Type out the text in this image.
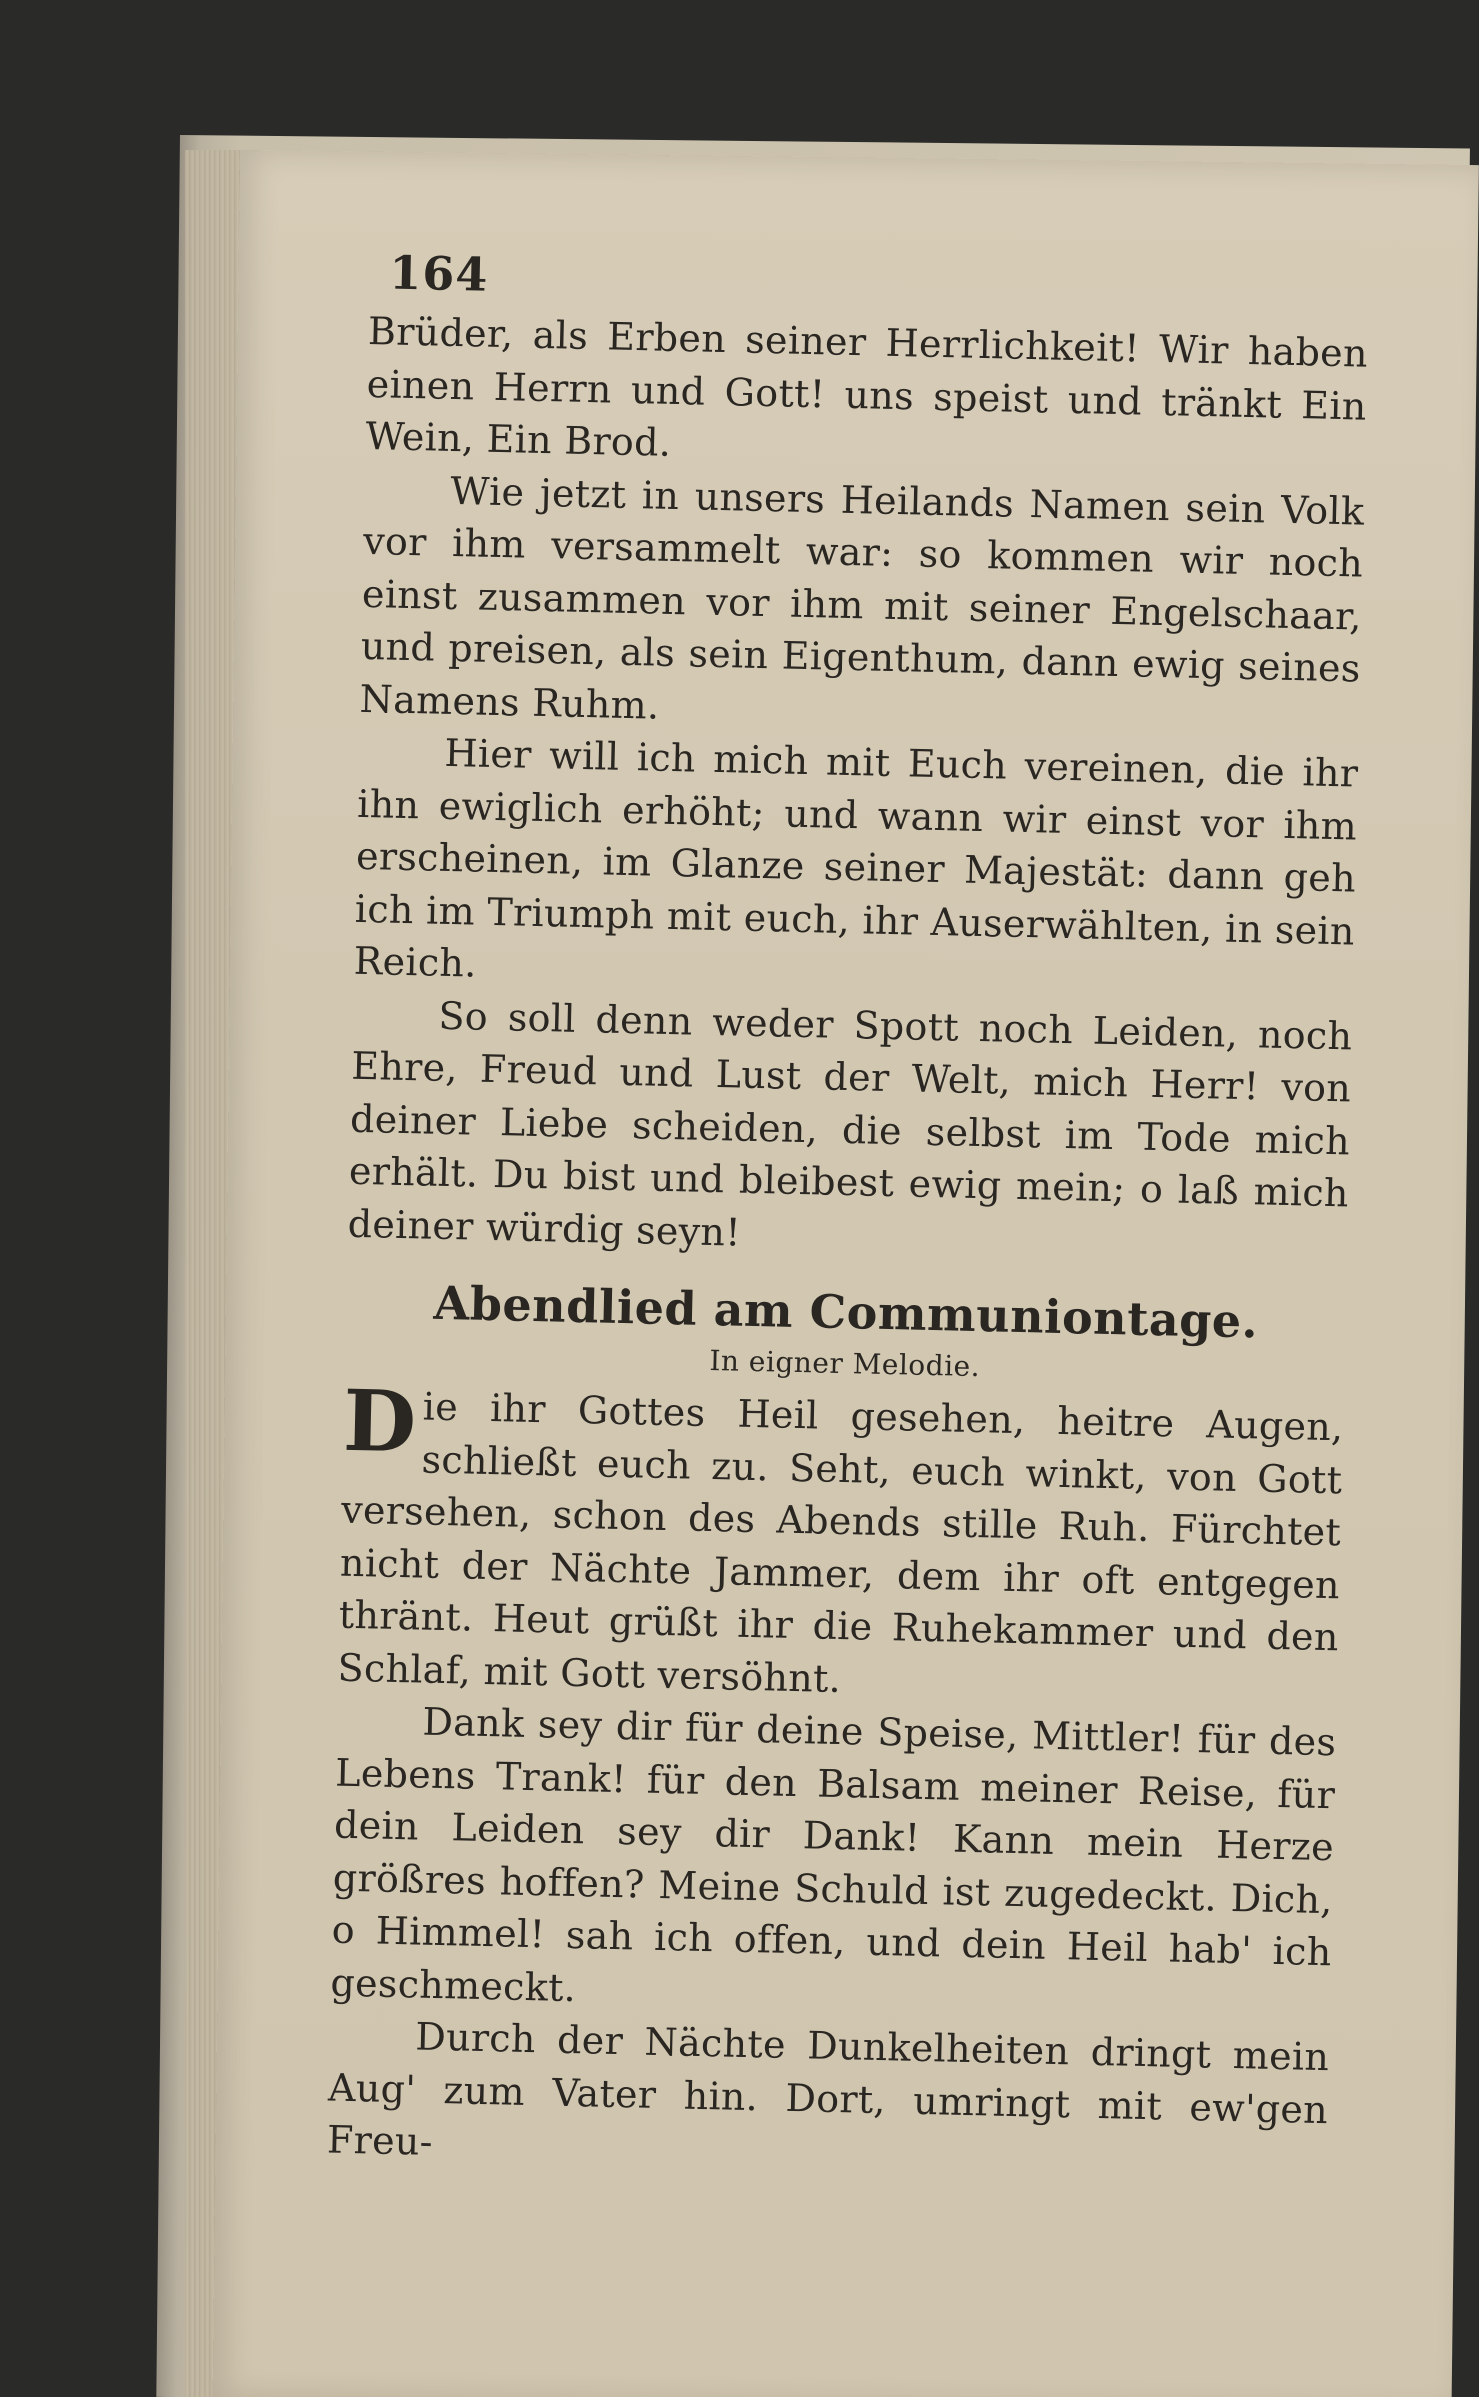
164

Brüder, als Erben seiner Herrlichkeit! Wir haben einen Herrn und Gott! uns speist und tränkt Ein Wein, Ein Brod.

Wie jetzt in unsers Heilands Namen sein Volk vor ihm versammelt war: so kommen wir noch einst zusammen vor ihm mit seiner Engelschaar, und preisen, als sein Eigenthum, dann ewig seines Namens Ruhm.

Hier will ich mich mit Euch vereinen, die ihr ihn ewiglich erhöht; und wann wir einst vor ihm erscheinen, im Glanze seiner Majestät: dann geh ich im Triumph mit euch, ihr Auserwählten, in sein Reich.

So soll denn weder Spott noch Leiden, noch Ehre, Freud und Lust der Welt, mich Herr! von deiner Liebe scheiden, die selbst im Tode mich erhält. Du bist und bleibest ewig mein; o laß mich deiner würdig seyn!

Abendlied am Communiontage.
In eigner Melodie.

Die ihr Gottes Heil gesehen, heitre Augen, schließt euch zu. Seht, euch winkt, von Gott versehen, schon des Abends stille Ruh. Fürchtet nicht der Nächte Jammer, dem ihr oft entgegen thränt. Heut grüßt ihr die Ruhekammer und den Schlaf, mit Gott versöhnt.

Dank sey dir für deine Speise, Mittler! für des Lebens Trank! für den Balsam meiner Reise, für dein Leiden sey dir Dank! Kann mein Herze größres hoffen? Meine Schuld ist zugedeckt. Dich, o Himmel! sah ich offen, und dein Heil hab' ich geschmeckt.

Durch der Nächte Dunkelheiten dringt mein Aug' zum Vater hin. Dort, umringt mit ew'gen Freu-
